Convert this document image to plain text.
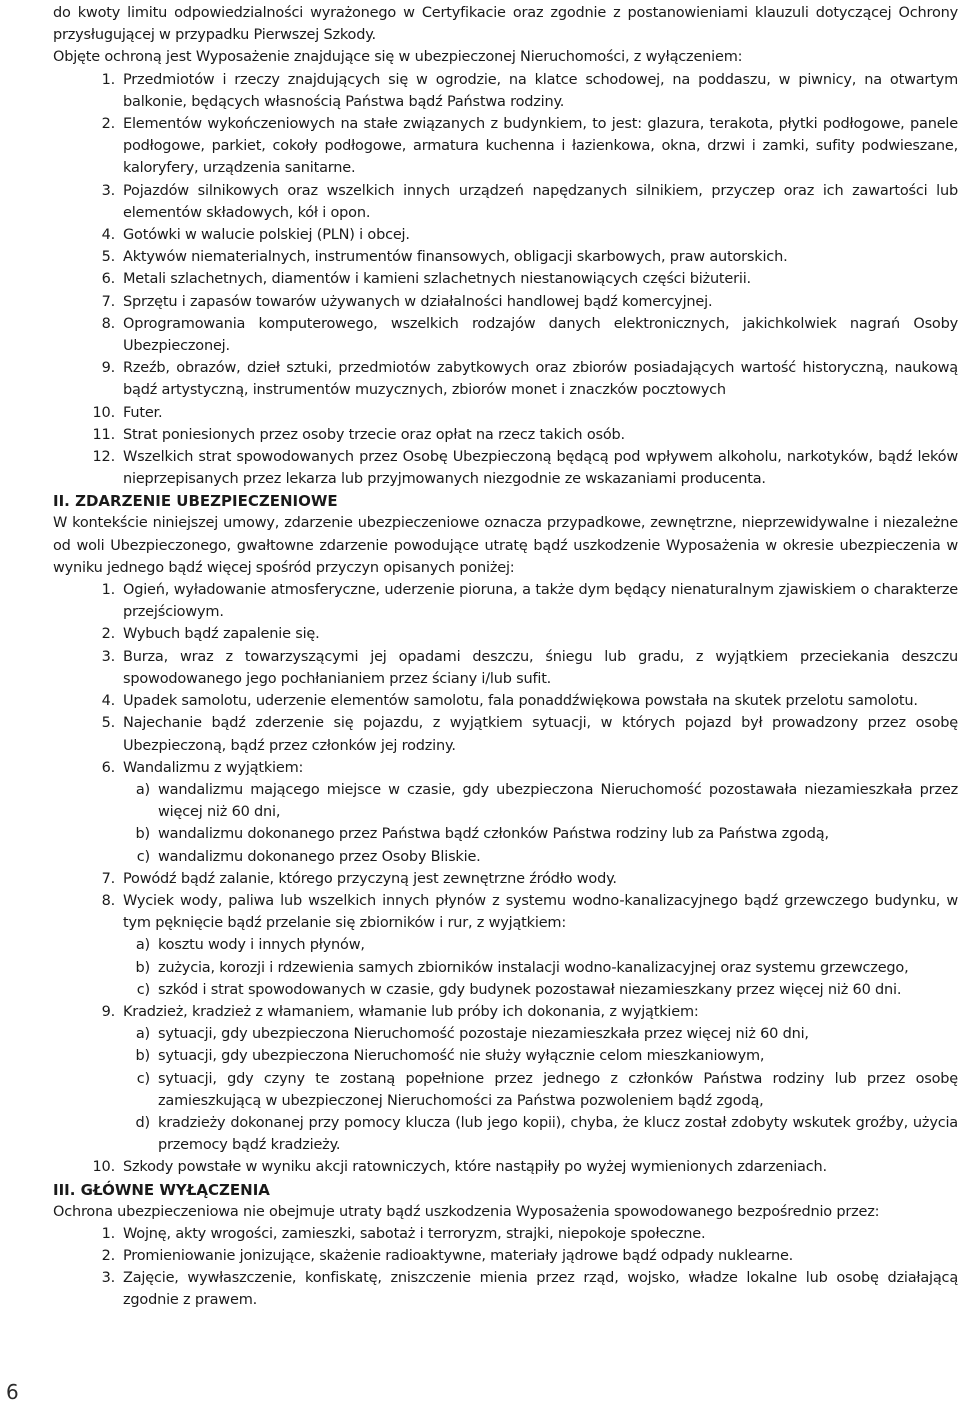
do kwoty limitu odpowiedzialności wyrażonego w Certyfikacie oraz zgodnie z postanowieniami klauzuli dotyczącej Ochrony przysługującej w przypadku Pierwszej Szkody.

Objęte ochroną jest Wyposażenie znajdujące się w ubezpieczonej Nieruchomości, z wyłączeniem:

1. Przedmiotów i rzeczy znajdujących się w ogrodzie, na klatce schodowej, na poddaszu, w piwnicy, na otwartym balkonie, będących własnością Państwa bądź Państwa rodziny.
2. Elementów wykończeniowych na stałe związanych z budynkiem, to jest: glazura, terakota, płytki podłogowe, panele podłogowe, parkiet, cokoły podłogowe, armatura kuchenna i łazienkowa, okna, drzwi i zamki, sufity podwieszane, kaloryfery, urządzenia sanitarne.
3. Pojazdów silnikowych oraz wszelkich innych urządzeń napędzanych silnikiem, przyczep oraz ich zawartości lub elementów składowych, kół i opon.
4. Gotówki w walucie polskiej (PLN) i obcej.
5. Aktywów niematerialnych, instrumentów finansowych, obligacji skarbowych, praw autorskich.
6. Metali szlachetnych, diamentów i kamieni szlachetnych niestanowiących części biżuterii.
7. Sprzętu i zapasów towarów używanych w działalności handlowej bądź komercyjnej.
8. Oprogramowania komputerowego, wszelkich rodzajów danych elektronicznych, jakichkolwiek nagrań Osoby Ubezpieczonej.
9. Rzeźb, obrazów, dzieł sztuki, przedmiotów zabytkowych oraz zbiorów posiadających wartość historyczną, naukową bądź artystyczną, instrumentów muzycznych, zbiorów monet i znaczków pocztowych
10. Futer.
11. Strat poniesionych przez osoby trzecie oraz opłat na rzecz takich osób.
12. Wszelkich strat spowodowanych przez Osobę Ubezpieczoną będącą pod wpływem alkoholu, narkotyków, bądź leków nieprzepisanych przez lekarza lub przyjmowanych niezgodnie ze wskazaniami producenta.
II. ZDARZENIE UBEZPIECZENIOWE

W kontekście niniejszej umowy, zdarzenie ubezpieczeniowe oznacza przypadkowe, zewnętrzne, nieprzewidywalne i niezależne od woli Ubezpieczonego, gwałtowne zdarzenie powodujące utratę bądź uszkodzenie Wyposażenia w okresie ubezpieczenia w wyniku jednego bądź więcej spośród przyczyn opisanych poniżej:

1. Ogień, wyładowanie atmosferyczne, uderzenie pioruna, a także dym będący nienaturalnym zjawiskiem o charakterze przejściowym.
2. Wybuch bądź zapalenie się.
3. Burza, wraz z towarzyszącymi jej opadami deszczu, śniegu lub gradu, z wyjątkiem przeciekania deszczu spowodowanego jego pochłanianiem przez ściany i/lub sufit.
4. Upadek samolotu, uderzenie elementów samolotu, fala ponaddźwiękowa powstała na skutek przelotu samolotu.
5. Najechanie bądź zderzenie się pojazdu, z wyjątkiem sytuacji, w których pojazd był prowadzony przez osobę Ubezpieczoną, bądź przez członków jej rodziny.
6. Wandalizmu z wyjątkiem:
a) wandalizmu mającego miejsce w czasie, gdy ubezpieczona Nieruchomość pozostawała niezamieszkała przez więcej niż 60 dni,
b) wandalizmu dokonanego przez Państwa bądź członków Państwa rodziny lub za Państwa zgodą,
c) wandalizmu dokonanego przez Osoby Bliskie.
7. Powódź bądź zalanie, którego przyczyną jest zewnętrzne źródło wody.
8. Wyciek wody, paliwa lub wszelkich innych płynów z systemu wodno-kanalizacyjnego bądź grzewczego budynku, w tym pęknięcie bądź przelanie się zbiorników i rur, z wyjątkiem:
a) kosztu wody i innych płynów,
b) zużycia, korozji i rdzewienia samych zbiorników instalacji wodno-kanalizacyjnej oraz systemu grzewczego,
c) szkód i strat spowodowanych w czasie, gdy budynek pozostawał niezamieszkany przez więcej niż 60 dni.
9. Kradzież, kradzież z włamaniem, włamanie lub próby ich dokonania, z wyjątkiem:
a) sytuacji, gdy ubezpieczona Nieruchomość pozostaje niezamieszkała przez więcej niż 60 dni,
b) sytuacji, gdy ubezpieczona Nieruchomość nie służy wyłącznie celom mieszkaniowym,
c) sytuacji, gdy czyny te zostaną popełnione przez jednego z członków Państwa rodziny lub przez osobę zamieszkującą w ubezpieczonej Nieruchomości za Państwa pozwoleniem bądź zgodą,
d) kradzieży dokonanej przy pomocy klucza (lub jego kopii), chyba, że klucz został zdobyty wskutek groźby, użycia przemocy bądź kradzieży.
10. Szkody powstałe w wyniku akcji ratowniczych, które nastąpiły po wyżej wymienionych zdarzeniach.
III. GŁÓWNE WYŁĄCZENIA

Ochrona ubezpieczeniowa nie obejmuje utraty bądź uszkodzenia Wyposażenia spowodowanego bezpośrednio przez:

1. Wojnę, akty wrogości, zamieszki, sabotaż i terroryzm, strajki, niepokoje społeczne.
2. Promieniowanie jonizujące, skażenie radioaktywne, materiały jądrowe bądź odpady nuklearne.
3. Zajęcie, wywłaszczenie, konfiskatę, zniszczenie mienia przez rząd, wojsko, władze lokalne lub osobę działającą zgodnie z prawem.
6
